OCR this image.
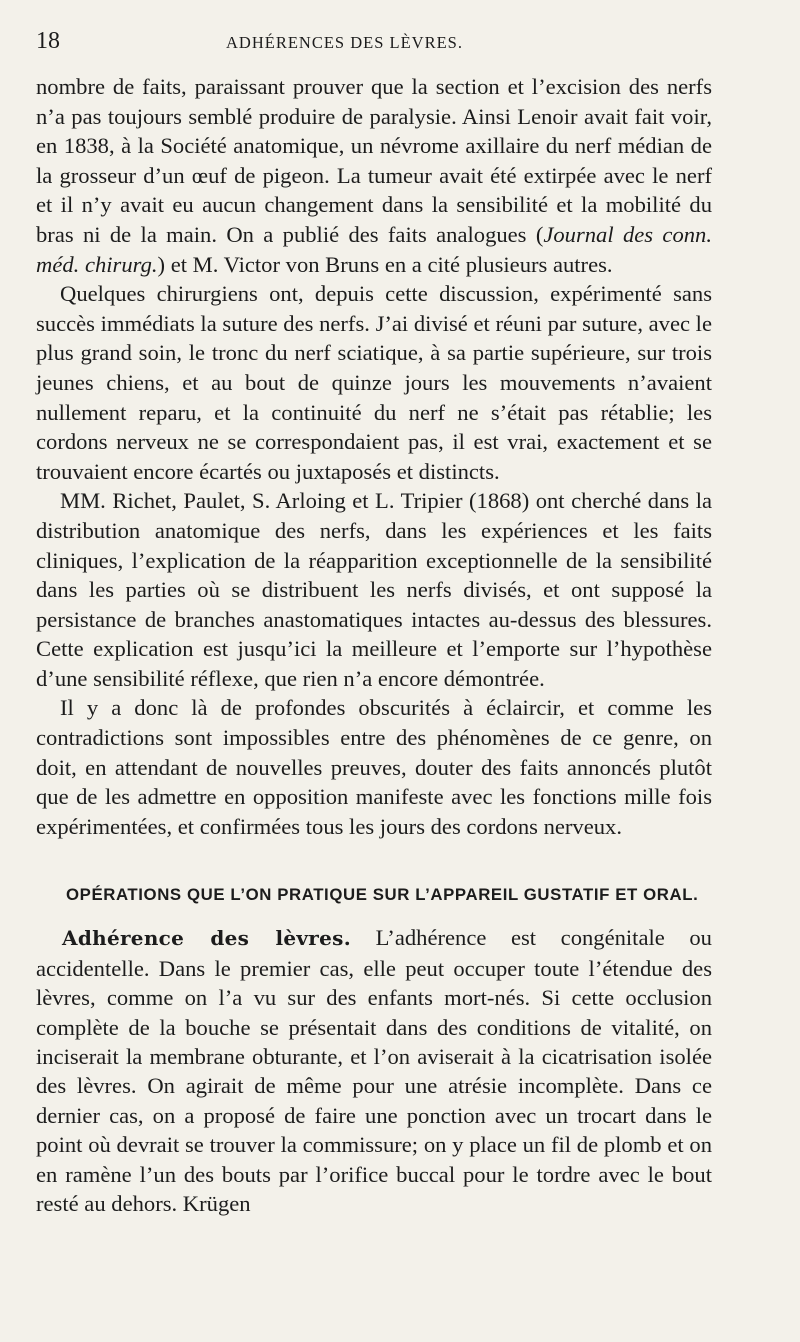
18	ADHÉRENCES DES LÈVRES.

nombre de faits, paraissant prouver que la section et l’excision des nerfs n’a pas toujours semblé produire de paralysie. Ainsi Lenoir avait fait voir, en 1838, à la Société anatomique, un névrome axillaire du nerf médian de la grosseur d’un œuf de pigeon. La tumeur avait été extirpée avec le nerf et il n’y avait eu aucun changement dans la sensibilité et la mobilité du bras ni de la main. On a publié des faits analogues (Journal des conn. méd. chirurg.) et M. Victor von Bruns en a cité plusieurs autres.

Quelques chirurgiens ont, depuis cette discussion, expérimenté sans succès immédiats la suture des nerfs. J’ai divisé et réuni par suture, avec le plus grand soin, le tronc du nerf sciatique, à sa partie supérieure, sur trois jeunes chiens, et au bout de quinze jours les mouvements n’avaient nullement reparu, et la continuité du nerf ne s’était pas rétablie; les cordons nerveux ne se correspondaient pas, il est vrai, exactement et se trouvaient encore écartés ou juxtaposés et distincts.

MM. Richet, Paulet, S. Arloing et L. Tripier (1868) ont cherché dans la distribution anatomique des nerfs, dans les expériences et les faits cliniques, l’explication de la réapparition exceptionnelle de la sensibilité dans les parties où se distribuent les nerfs divisés, et ont supposé la persistance de branches anastomatiques intactes au-dessus des blessures. Cette explication est jusqu’ici la meilleure et l’emporte sur l’hypothèse d’une sensibilité réflexe, que rien n’a encore démontrée.

Il y a donc là de profondes obscurités à éclaircir, et comme les contradictions sont impossibles entre des phénomènes de ce genre, on doit, en attendant de nouvelles preuves, douter des faits annoncés plutôt que de les admettre en opposition manifeste avec les fonctions mille fois expérimentées, et confirmées tous les jours des cordons nerveux.

OPÉRATIONS QUE L’ON PRATIQUE SUR L’APPAREIL GUSTATIF ET ORAL.

Adhérence des lèvres. L’adhérence est congénitale ou accidentelle. Dans le premier cas, elle peut occuper toute l’étendue des lèvres, comme on l’a vu sur des enfants mort-nés. Si cette occlusion complète de la bouche se présentait dans des conditions de vitalité, on inciserait la membrane obturante, et l’on aviserait à la cicatrisation isolée des lèvres. On agirait de même pour une atrésie incomplète. Dans ce dernier cas, on a proposé de faire une ponction avec un trocart dans le point où devrait se trouver la commissure; on y place un fil de plomb et on en ramène l’un des bouts par l’orifice buccal pour le tordre avec le bout resté au dehors. Krügen
